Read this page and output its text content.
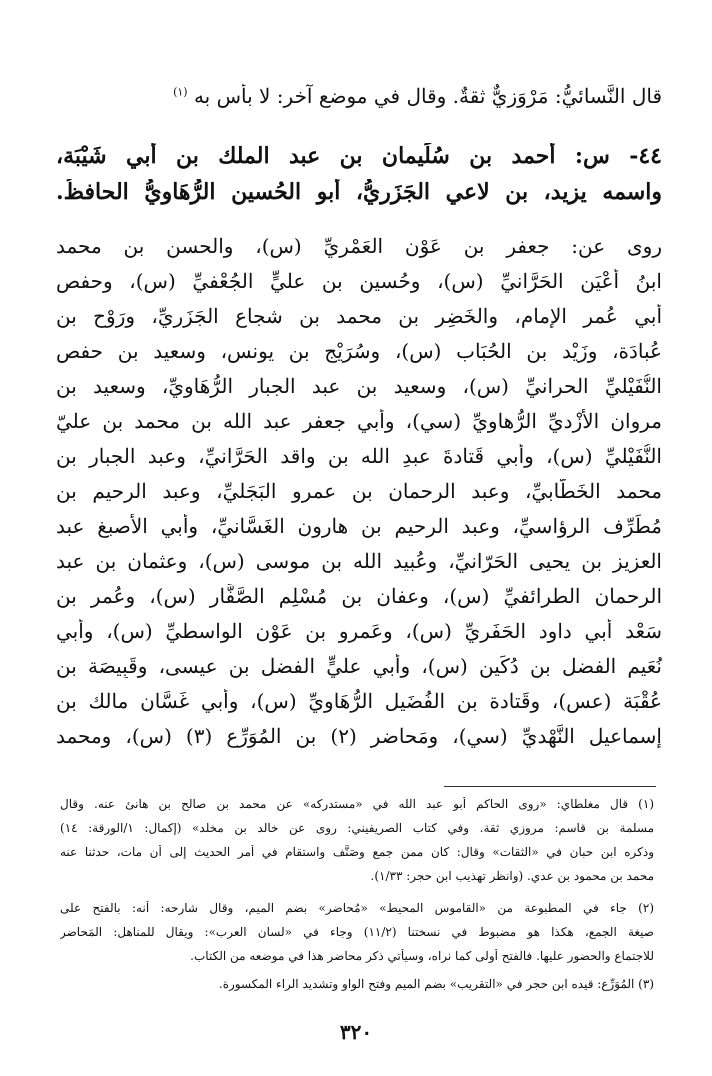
قال النَّسائيُّ: مَرْوَزيٌّ ثقةٌ. وقال في موضع آخر: لا بأس به $^{(١)}$
٤٤- س: أحمد بن سُلَيمان بن عبد الملك بن أبي شَيْبَة،
واسمه يزيد، بن لاعي الجَزَريُّ، أبو الحُسين الرُّهَاويُّ الحافظُ.
روى عن: جعفر بن عَوْن العَمْريِّ (س)، والحسن بن محمد
ابنُ أَعْيَن الحَرَّانيِّ (س)، وحُسين بن عليٍّ الجُعْفيِّ (س)، وحفص
أبي عُمر الإمام، والخَضِر بن محمد بن شجاع الجَزَريِّ، ورَوْح بن
عُبادَة، وزَيْد بن الحُبَاب (س)، وسُرَيْج بن يونس، وسعيد بن حفص
النُّفَيْليِّ الحرانيِّ (س)، وسعيد بن عبد الجبار الرُّهَاويِّ، وسعيد بن
مروان الأزْديِّ الرُّهاويِّ (سي)، وأبي جعفر عبد الله بن محمد بن عليّ
النُّفَيْليِّ (س)، وأبي قَتادةَ عبدِ الله بن واقد الحَرَّانيِّ، وعبد الجبار بن
محمد الخَطَّابيِّ، وعبد الرحمان بن عمرو البَجَليِّ، وعبد الرحيم بن
مُطَرِّف الرؤاسيِّ، وعبد الرحيم بن هارون الغَسَّانيِّ، وأبي الأصبغ عبد
العزيز بن يحيى الحَرّانيِّ، وعُبيد الله بن موسى (س)، وعثمان بن عبد
الرحمان الطرائفيِّ (س)، وعفان بن مُسْلِم الصَّفَّار (س)، وعُمر بن
سَعْد أبي داود الحَفَريِّ (س)، وعَمرو بن عَوْن الواسطيِّ (س)، وأبي
نُعَيم الفضل بن دُكَين (س)، وأبي عليٍّ الفضل بن عيسى، وقَبِيصَة بن
عُقْبَة (عس)، وقَتادة بن الفُضَيل الرُّهَاويِّ (س)، وأبي غَسَّان مالك بن
إسماعيل النَّهْديِّ (سي)، ومَحاضر (٢) بن المُوَرِّع (٣) (س)، ومحمد
(١) قال مغلطاي: «روى الحاكم أبو عبد الله في «مستدركه» عن محمد بن صالح بن هانئ عنه. وقال
مسلمة بن قاسم: مروزي ثقة. وفي كتاب الصريفيني: روى عن خالد بن مخلد» (إكمال: ١/الورقة: ١٤)
وذكره ابن حبان في «الثقات» وقال: كان ممن جمع وصَنَّف واستقام في أمر الحديث إلى أن مات، حدثنا عنه
محمد بن محمود بن عدي. (وانظر تهذيب ابن حجر: ١/٣٣).
(٢) جاء في المطبوعة من «القاموس المحيط» «مُحاضر» بضم الميم، وقال شارحه: أنه: بالفتح على
صيغة الجمع، هكذا هو مضبوط في نسختنا (١١/٢) وجاء في «لسان العرب»: ويقال للمناهل: المَحاضر
للاجتماع والحضور عليها. فالفتح أولى كما نراه، وسيأتي ذكر محاضر هذا في موضعه من الكتاب.
(٣) المُوَرِّع: قيده ابن حجر في «التقريب» بضم الميم وفتح الواو وتشديد الراء المكسورة.
٣٢٠
